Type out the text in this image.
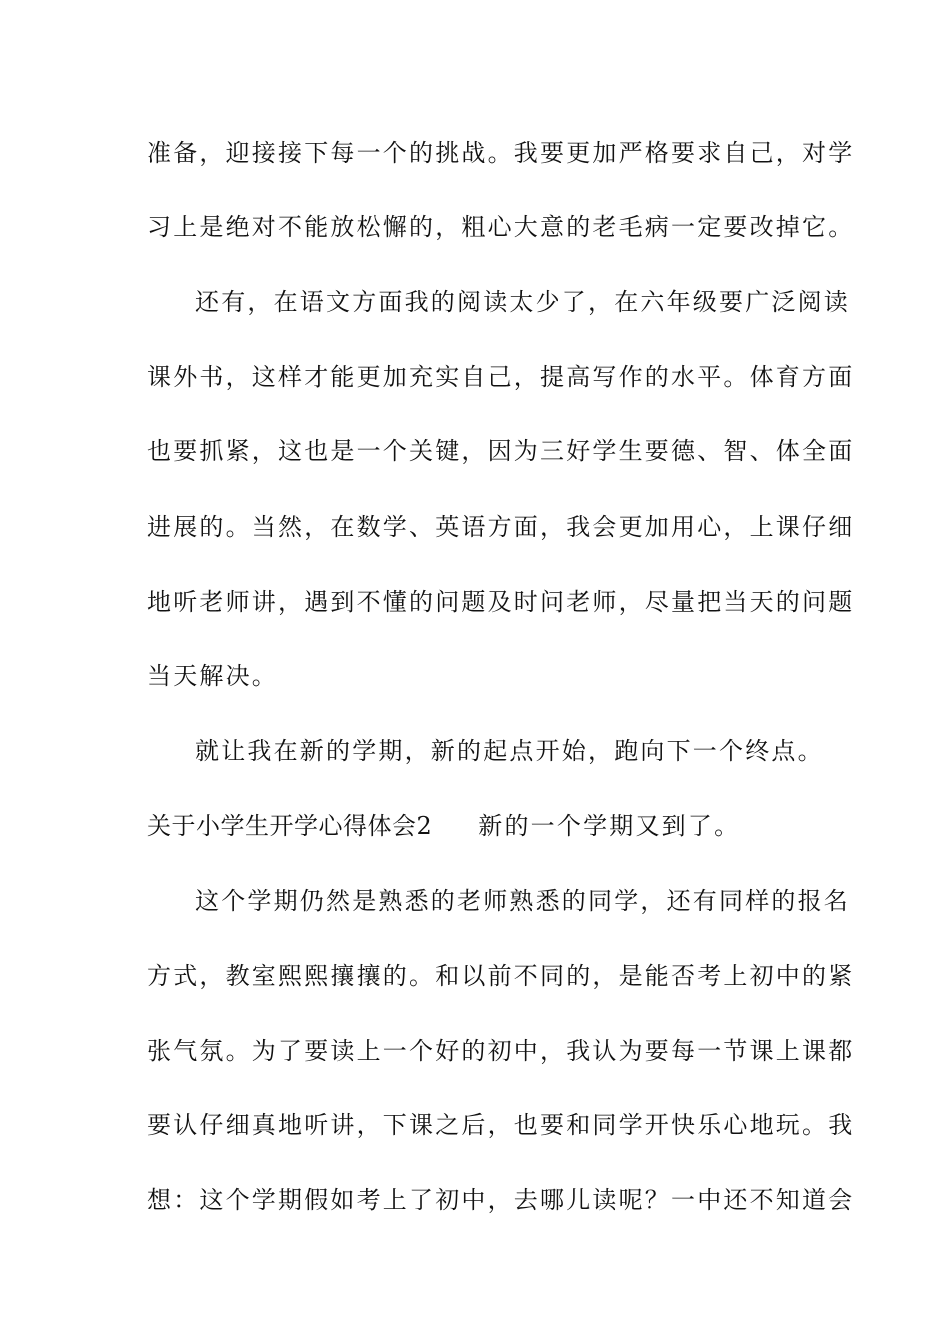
准备，迎接接下每一个的挑战。我要更加严格要求自己，对学
习上是绝对不能放松懈的，粗心大意的老毛病一定要改掉它。
还有，在语文方面我的阅读太少了，在六年级要广泛阅读
课外书，这样才能更加充实自己，提高写作的水平。体育方面
也要抓紧，这也是一个关键，因为三好学生要德、智、体全面
进展的。当然，在数学、英语方面，我会更加用心，上课仔细
地听老师讲，遇到不懂的问题及时问老师，尽量把当天的问题
当天解决。
就让我在新的学期，新的起点开始，跑向下一个终点。
关于小学生开学心得体会2 新的一个学期又到了。
这个学期仍然是熟悉的老师熟悉的同学，还有同样的报名
方式，教室熙熙攘攘的。和以前不同的，是能否考上初中的紧
张气氛。为了要读上一个好的初中，我认为要每一节课上课都
要认仔细真地听讲，下课之后，也要和同学开快乐心地玩。我
想：这个学期假如考上了初中，去哪儿读呢？一中还不知道会
